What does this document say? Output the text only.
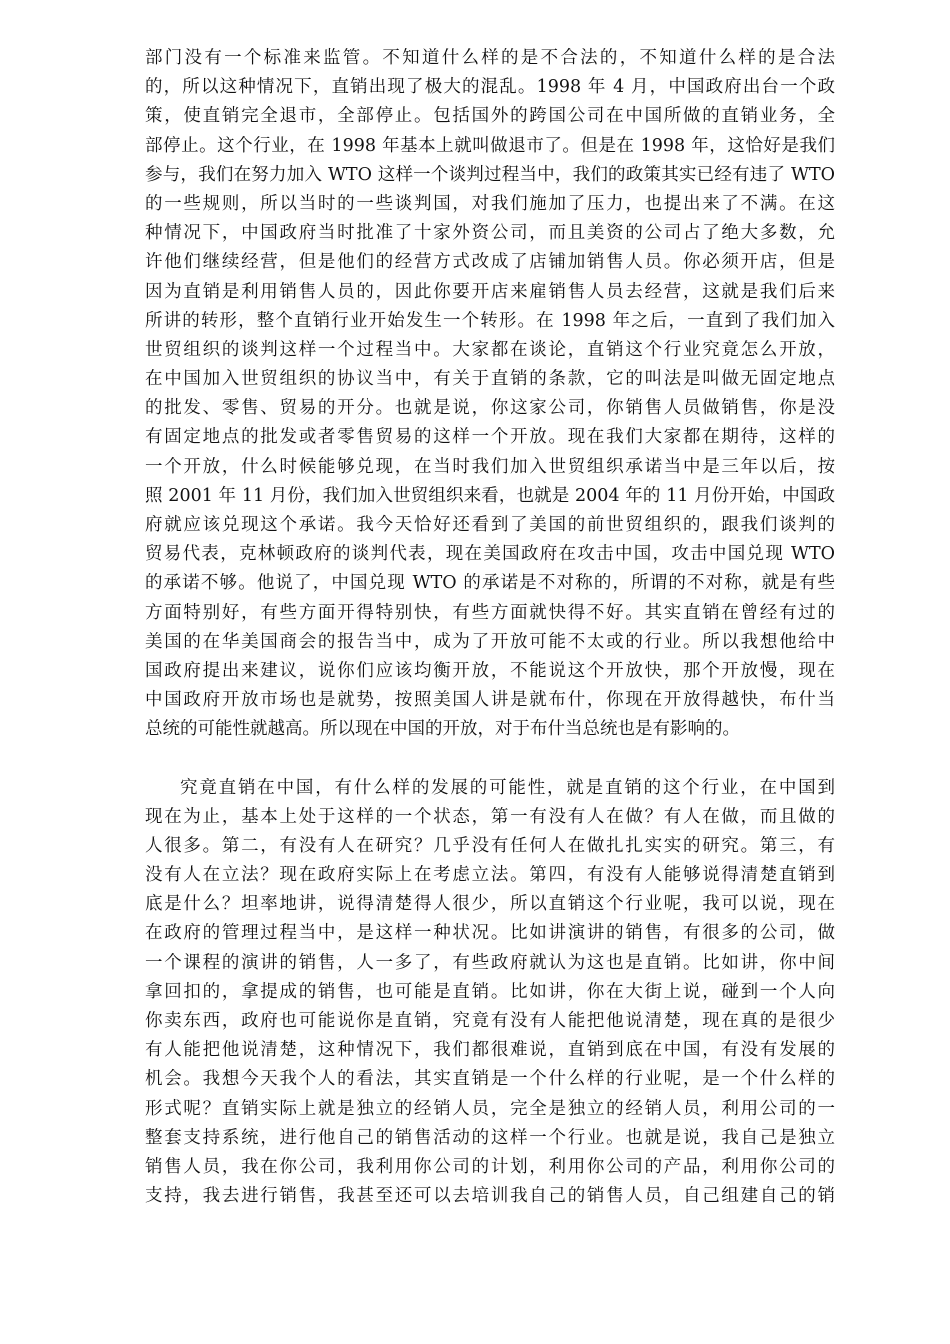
部门没有一个标准来监管。不知道什么样的是不合法的，不知道什么样的是合法
的，所以这种情况下，直销出现了极大的混乱。1998 年 4 月，中国政府出台一个政
策，使直销完全退市，全部停止。包括国外的跨国公司在中国所做的直销业务，全
部停止。这个行业，在 1998 年基本上就叫做退市了。但是在 1998 年，这恰好是我们
参与，我们在努力加入 WTO 这样一个谈判过程当中，我们的政策其实已经有违了 WTO
的一些规则，所以当时的一些谈判国，对我们施加了压力，也提出来了不满。在这
种情况下，中国政府当时批准了十家外资公司，而且美资的公司占了绝大多数，允
许他们继续经营，但是他们的经营方式改成了店铺加销售人员。你必须开店，但是
因为直销是利用销售人员的，因此你要开店来雇销售人员去经营，这就是我们后来
所讲的转形，整个直销行业开始发生一个转形。在 1998 年之后，一直到了我们加入
世贸组织的谈判这样一个过程当中。大家都在谈论，直销这个行业究竟怎么开放，
在中国加入世贸组织的协议当中，有关于直销的条款，它的叫法是叫做无固定地点
的批发、零售、贸易的开分。也就是说，你这家公司，你销售人员做销售，你是没
有固定地点的批发或者零售贸易的这样一个开放。现在我们大家都在期待，这样的
一个开放，什么时候能够兑现，在当时我们加入世贸组织承诺当中是三年以后，按
照 2001 年 11 月份，我们加入世贸组织来看，也就是 2004 年的 11 月份开始，中国政
府就应该兑现这个承诺。我今天恰好还看到了美国的前世贸组织的，跟我们谈判的
贸易代表，克林顿政府的谈判代表，现在美国政府在攻击中国，攻击中国兑现 WTO
的承诺不够。他说了，中国兑现 WTO 的承诺是不对称的，所谓的不对称，就是有些
方面特别好，有些方面开得特别快，有些方面就快得不好。其实直销在曾经有过的
美国的在华美国商会的报告当中，成为了开放可能不太或的行业。所以我想他给中
国政府提出来建议，说你们应该均衡开放，不能说这个开放快，那个开放慢，现在
中国政府开放市场也是就势，按照美国人讲是就布什，你现在开放得越快，布什当
总统的可能性就越高。所以现在中国的开放，对于布什当总统也是有影响的。
究竟直销在中国，有什么样的发展的可能性，就是直销的这个行业，在中国到
现在为止，基本上处于这样的一个状态，第一有没有人在做？有人在做，而且做的
人很多。第二，有没有人在研究？几乎没有任何人在做扎扎实实的研究。第三，有
没有人在立法？现在政府实际上在考虑立法。第四，有没有人能够说得清楚直销到
底是什么？坦率地讲，说得清楚得人很少，所以直销这个行业呢，我可以说，现在
在政府的管理过程当中，是这样一种状况。比如讲演讲的销售，有很多的公司，做
一个课程的演讲的销售，人一多了，有些政府就认为这也是直销。比如讲，你中间
拿回扣的，拿提成的销售，也可能是直销。比如讲，你在大街上说，碰到一个人向
你卖东西，政府也可能说你是直销，究竟有没有人能把他说清楚，现在真的是很少
有人能把他说清楚，这种情况下，我们都很难说，直销到底在中国，有没有发展的
机会。我想今天我个人的看法，其实直销是一个什么样的行业呢，是一个什么样的
形式呢？直销实际上就是独立的经销人员，完全是独立的经销人员，利用公司的一
整套支持系统，进行他自己的销售活动的这样一个行业。也就是说，我自己是独立
销售人员，我在你公司，我利用你公司的计划，利用你公司的产品，利用你公司的
支持，我去进行销售，我甚至还可以去培训我自己的销售人员，自己组建自己的销
